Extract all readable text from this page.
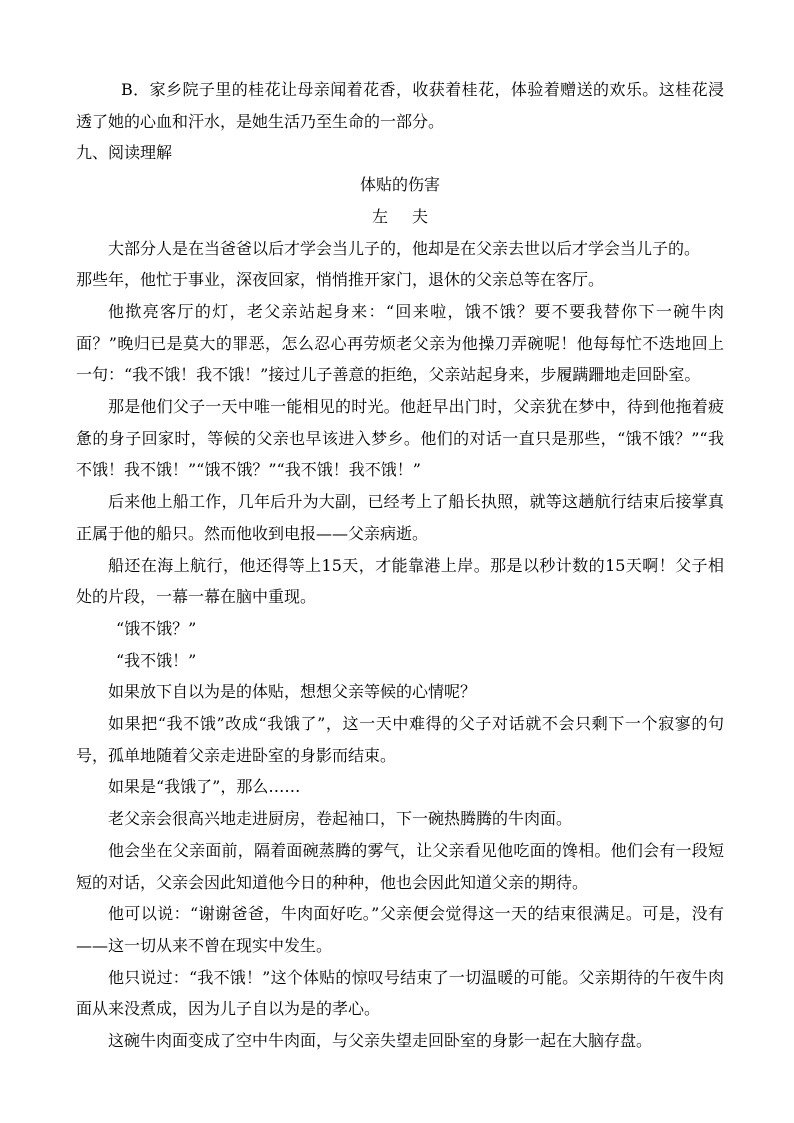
B．家乡院子里的桂花让母亲闻着花香，收获着桂花，体验着赠送的欢乐。这桂花浸透了她的心血和汗水，是她生活乃至生命的一部分。

九、阅读理解

体贴的伤害

左夫

大部分人是在当爸爸以后才学会当儿子的，他却是在父亲去世以后才学会当儿子的。

那些年，他忙于事业，深夜回家，悄悄推开家门，退休的父亲总等在客厅。

他揿亮客厅的灯，老父亲站起身来：“回来啦，饿不饿？要不要我替你下一碗牛肉面？”晚归已是莫大的罪恶，怎么忍心再劳烦老父亲为他操刀弄碗呢！他每每忙不迭地回上一句：“我不饿！我不饿！”接过儿子善意的拒绝，父亲站起身来，步履蹒跚地走回卧室。

那是他们父子一天中唯一能相见的时光。他赶早出门时，父亲犹在梦中，待到他拖着疲惫的身子回家时，等候的父亲也早该进入梦乡。他们的对话一直只是那些，“饿不饿？”“我不饿！我不饿！”“饿不饿？”“我不饿！我不饿！”

后来他上船工作，几年后升为大副，已经考上了船长执照，就等这趟航行结束后接掌真正属于他的船只。然而他收到电报——父亲病逝。

船还在海上航行，他还得等上15天，才能靠港上岸。那是以秒计数的15天啊！父子相处的片段，一幕一幕在脑中重现。

“饿不饿？”

“我不饿！”

如果放下自以为是的体贴，想想父亲等候的心情呢？

如果把“我不饿”改成“我饿了”，这一天中难得的父子对话就不会只剩下一个寂寥的句号，孤单地随着父亲走进卧室的身影而结束。

如果是“我饿了”，那么……

老父亲会很高兴地走进厨房，卷起袖口，下一碗热腾腾的牛肉面。

他会坐在父亲面前，隔着面碗蒸腾的雾气，让父亲看见他吃面的馋相。他们会有一段短短的对话，父亲会因此知道他今日的种种，他也会因此知道父亲的期待。

他可以说：“谢谢爸爸，牛肉面好吃。”父亲便会觉得这一天的结束很满足。可是，没有——这一切从来不曾在现实中发生。

他只说过：“我不饿！”这个体贴的惊叹号结束了一切温暖的可能。父亲期待的午夜牛肉面从来没煮成，因为儿子自以为是的孝心。

这碗牛肉面变成了空中牛肉面，与父亲失望走回卧室的身影一起在大脑存盘。
